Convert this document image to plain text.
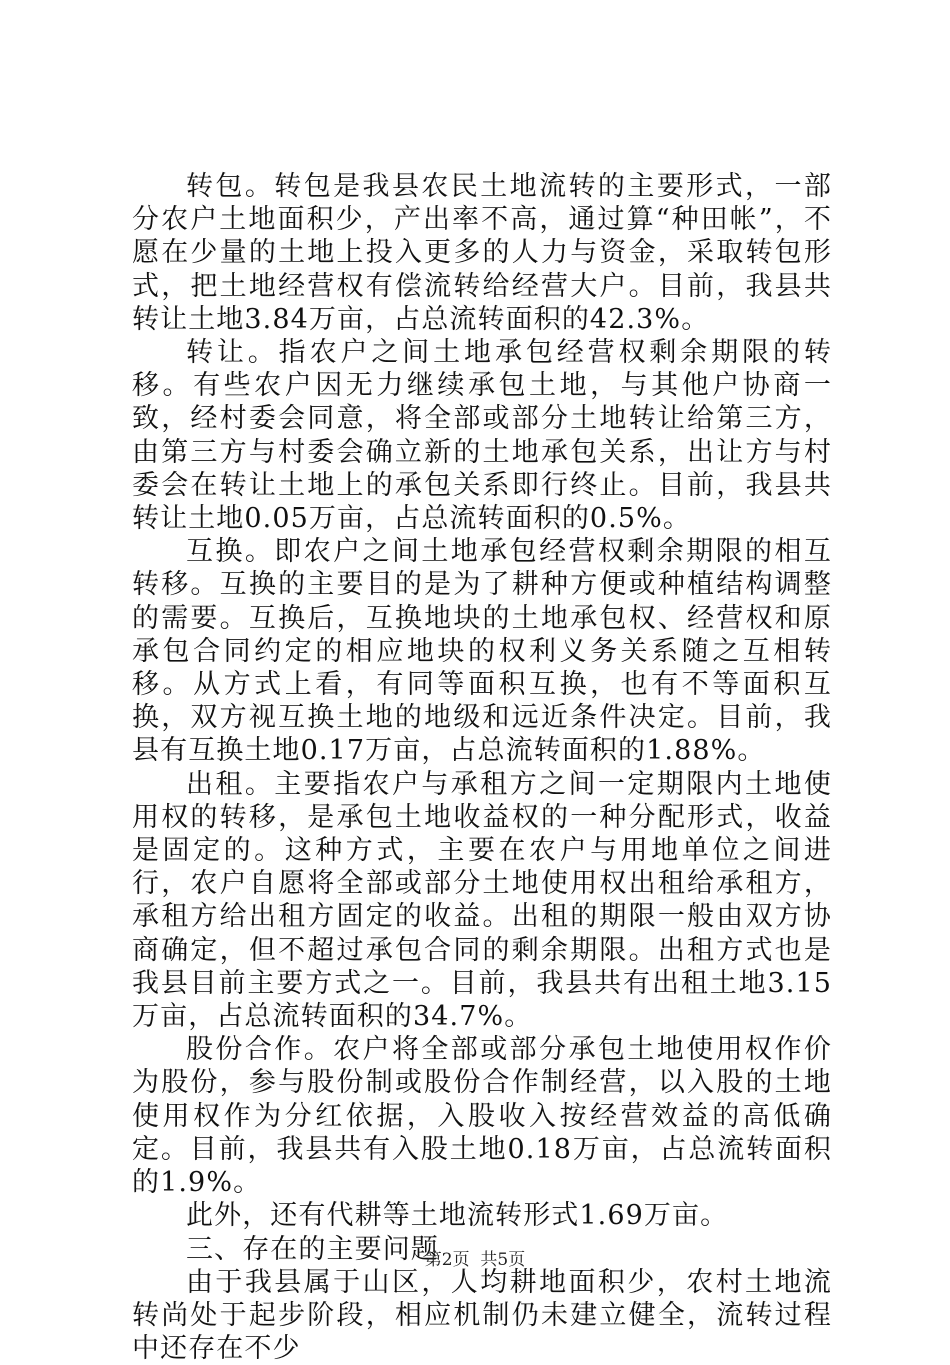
转包。转包是我县农民土地流转的主要形式，一部分农户土地面积少，产出率不高，通过算“种田帐”，不愿在少量的土地上投入更多的人力与资金，采取转包形式，把土地经营权有偿流转给经营大户。目前，我县共转让土地3.84万亩，占总流转面积的42.3%。

转让。指农户之间土地承包经营权剩余期限的转移。有些农户因无力继续承包土地，与其他户协商一致，经村委会同意，将全部或部分土地转让给第三方，由第三方与村委会确立新的土地承包关系，出让方与村委会在转让土地上的承包关系即行终止。目前，我县共转让土地0.05万亩，占总流转面积的0.5%。

互换。即农户之间土地承包经营权剩余期限的相互转移。互换的主要目的是为了耕种方便或种植结构调整的需要。互换后，互换地块的土地承包权、经营权和原承包合同约定的相应地块的权利义务关系随之互相转移。从方式上看，有同等面积互换，也有不等面积互换，双方视互换土地的地级和远近条件决定。目前，我县有互换土地0.17万亩，占总流转面积的1.88%。

出租。主要指农户与承租方之间一定期限内土地使用权的转移，是承包土地收益权的一种分配形式，收益是固定的。这种方式，主要在农户与用地单位之间进行，农户自愿将全部或部分土地使用权出租给承租方，承租方给出租方固定的收益。出租的期限一般由双方协商确定，但不超过承包合同的剩余期限。出租方式也是我县目前主要方式之一。目前，我县共有出租土地3.15万亩，占总流转面积的34.7%。

股份合作。农户将全部或部分承包土地使用权作价为股份，参与股份制或股份合作制经营，以入股的土地使用权作为分红依据，入股收入按经营效益的高低确定。目前，我县共有入股土地0.18万亩，占总流转面积的1.9%。

此外，还有代耕等土地流转形式1.69万亩。

三、存在的主要问题

由于我县属于山区，人均耕地面积少，农村土地流转尚处于起步阶段，相应机制仍未建立健全，流转过程中还存在不少

第2页  共5页
